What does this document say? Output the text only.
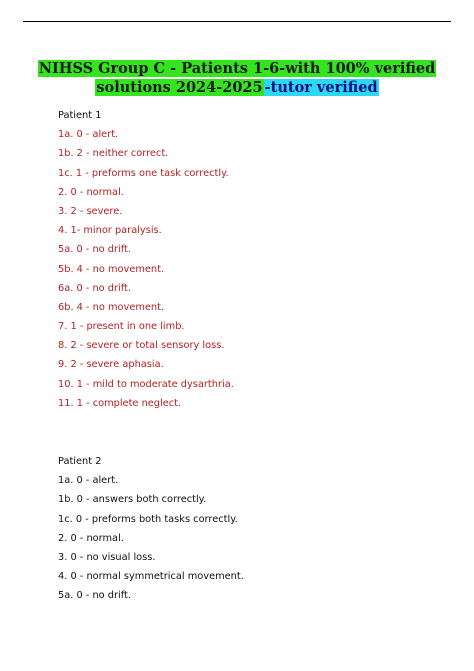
NIHSS Group C - Patients 1-6-with 100% verified
solutions 2024-2025 -tutor verified
Patient 1
1a. 0 - alert.
1b. 2 - neither correct.
1c. 1 - preforms one task correctly.
2. 0 - normal.
3. 2 - severe.
4. 1- minor paralysis.
5a. 0 - no drift.
5b. 4 - no movement.
6a. 0 - no drift.
6b. 4 - no movement.
7. 1 - present in one limb.
8. 2 - severe or total sensory loss.
9. 2 - severe aphasia.
10. 1 - mild to moderate dysarthria.
11. 1 - complete neglect.
Patient 2
1a. 0 - alert.
1b. 0 - answers both correctly.
1c. 0 - preforms both tasks correctly.
2. 0 - normal.
3. 0 - no visual loss.
4. 0 - normal symmetrical movement.
5a. 0 - no drift.
